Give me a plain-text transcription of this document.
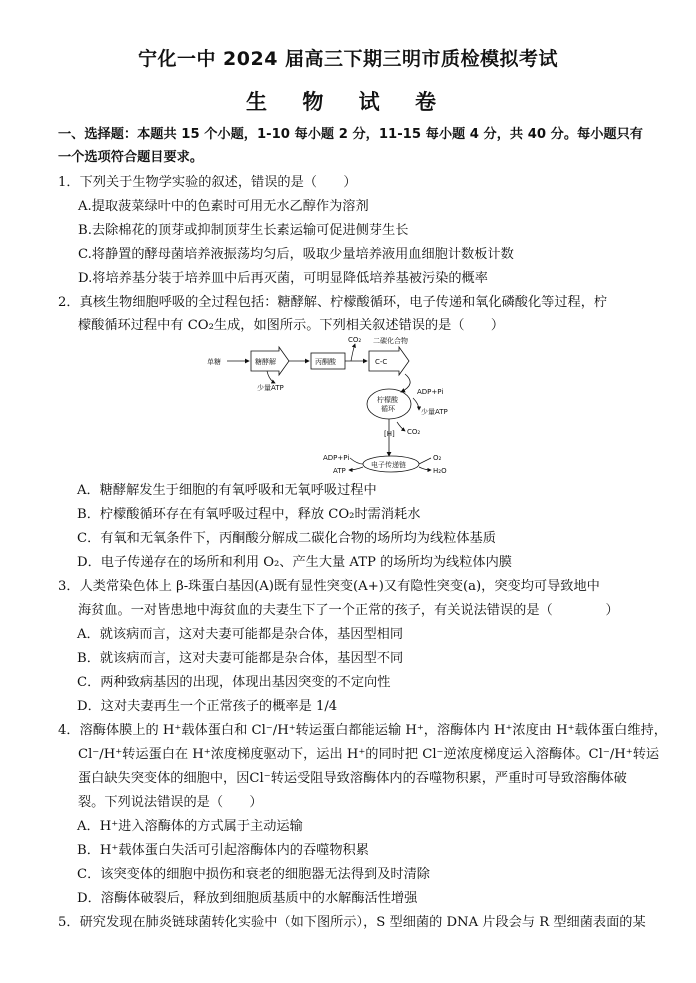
宁化一中 2024 届高三下期三明市质检模拟考试
生 物 试 卷
一、选择题：本题共 15 个小题，1-10 每小题 2 分，11-15 每小题 4 分，共 40 分。每小题只有
一个选项符合题目要求。
1．下列关于生物学实验的叙述，错误的是（　　）
A.提取菠菜绿叶中的色素时可用无水乙醇作为溶剂
B.去除棉花的顶芽或抑制顶芽生长素运输可促进侧芽生长
C.将静置的酵母菌培养液振荡均匀后，吸取少量培养液用血细胞计数板计数
D.将培养基分装于培养皿中后再灭菌，可明显降低培养基被污染的概率
2．真核生物细胞呼吸的全过程包括：糖酵解、柠檬酸循环，电子传递和氧化磷酸化等过程，柠
檬酸循环过程中有 CO₂生成，如图所示。下列相关叙述错误的是（　　）
单糖	糖酵解	丙酮酸
CO₂ 二碳化合物
C-C
少量ATP
柠檬酸
循环
ADP+Pi
少量ATP
[H] CO₂
电子传递链
ADP+Pi
ATP
O₂
H₂O
A．糖酵解发生于细胞的有氧呼吸和无氧呼吸过程中
B．柠檬酸循环存在有氧呼吸过程中，释放 CO₂时需消耗水
C．有氧和无氧条件下，丙酮酸分解成二碳化合物的场所均为线粒体基质
D．电子传递存在的场所和利用 O₂、产生大量 ATP 的场所均为线粒体内膜
3．人类常染色体上 β-珠蛋白基因(A)既有显性突变(A+)又有隐性突变(a)，突变均可导致地中
海贫血。一对皆患地中海贫血的夫妻生下了一个正常的孩子，有关说法错误的是（　　　　）
A．就该病而言，这对夫妻可能都是杂合体，基因型相同
B．就该病而言，这对夫妻可能都是杂合体，基因型不同
C．两种致病基因的出现，体现出基因突变的不定向性
D．这对夫妻再生一个正常孩子的概率是 1/4
4．溶酶体膜上的 H⁺载体蛋白和 Cl⁻/H⁺转运蛋白都能运输 H⁺，溶酶体内 H⁺浓度由 H⁺载体蛋白维持，
Cl⁻/H⁺转运蛋白在 H⁺浓度梯度驱动下，运出 H⁺的同时把 Cl⁻逆浓度梯度运入溶酶体。Cl⁻/H⁺转运
蛋白缺失突变体的细胞中，因Cl⁻转运受阻导致溶酶体内的吞噬物积累，严重时可导致溶酶体破
裂。下列说法错误的是（　　）
A．H⁺进入溶酶体的方式属于主动运输
B．H⁺载体蛋白失活可引起溶酶体内的吞噬物积累
C．该突变体的细胞中损伤和衰老的细胞器无法得到及时清除
D．溶酶体破裂后，释放到细胞质基质中的水解酶活性增强
5．研究发现在肺炎链球菌转化实验中（如下图所示），S 型细菌的 DNA 片段会与 R 型细菌表面的某
